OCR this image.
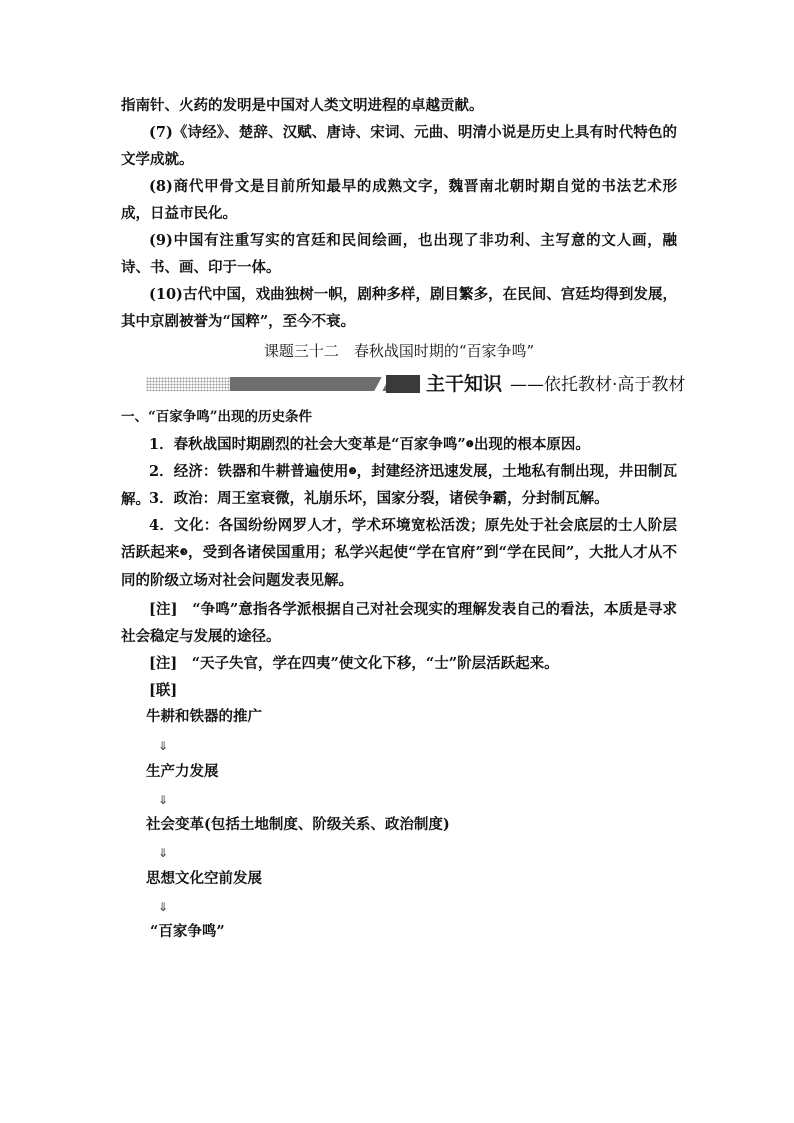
指南针、火药的发明是中国对人类文明进程的卓越贡献。
(7)《诗经》、楚辞、汉赋、唐诗、宋词、元曲、明清小说是历史上具有时代特色的文学成就。
(8)商代甲骨文是目前所知最早的成熟文字，魏晋南北朝时期自觉的书法艺术形成，日益市民化。
(9)中国有注重写实的宫廷和民间绘画，也出现了非功利、主写意的文人画，融诗、书、画、印于一体。
(10)古代中国，戏曲独树一帜，剧种多样，剧目繁多，在民间、宫廷均得到发展，其中京剧被誉为“国粹”，至今不衰。
课题三十二　春秋战国时期的“百家争鸣”
主干知识 ——依托教材·高于教材
一、“百家争鸣”出现的历史条件
1．春秋战国时期剧烈的社会大变革是“百家争鸣”❶出现的根本原因。
2．经济：铁器和牛耕普遍使用❷，封建经济迅速发展，土地私有制出现，井田制瓦解。 3．政治：周王室衰微，礼崩乐坏，国家分裂，诸侯争霸，分封制瓦解。
4．文化：各国纷纷网罗人才，学术环境宽松活泼；原先处于社会底层的士人阶层活跃起来❸，受到各诸侯国重用；私学兴起使“学在官府”到“学在民间”，大批人才从不同的阶级立场对社会问题发表见解。
[注]　“争鸣”意指各学派根据自己对社会现实的理解发表自己的看法，本质是寻求社会稳定与发展的途径。
[注]　“天子失官，学在四夷”使文化下移，“士”阶层活跃起来。
[联]
牛耕和铁器的推广
⇓
生产力发展
⇓
社会变革(包括土地制度、阶级关系、政治制度)
⇓
思想文化空前发展
⇓
“百家争鸣”
